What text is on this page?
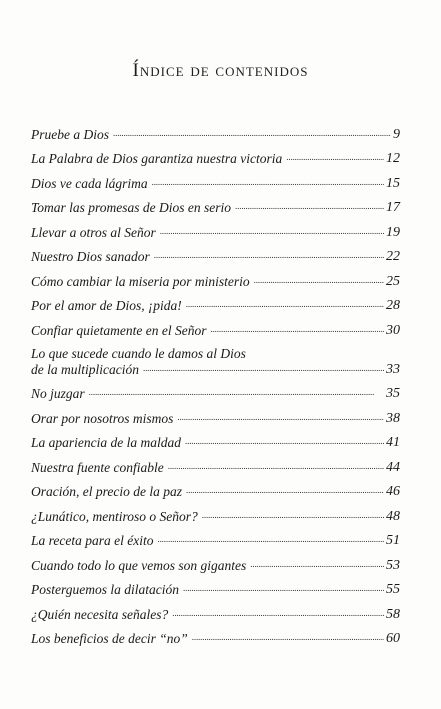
Índice de contenidos
Pruebe a Dios . . .	9
La Palabra de Dios garantiza nuestra victoria . . .	12
Dios ve cada lágrima . . .	15
Tomar las promesas de Dios en serio . . .	17
Llevar a otros al Señor . . .	19
Nuestro Dios sanador . . .	22
Cómo cambiar la miseria por ministerio . . .	25
Por el amor de Dios, ¡pida! . . .	28
Confiar quietamente en el Señor . . .	30
Lo que sucede cuando le damos al Dios
de la multiplicación . . .	33
No juzgar . . .	35
Orar por nosotros mismos . . .	38
La apariencia de la maldad . . .	41
Nuestra fuente confiable . . .	44
Oración, el precio de la paz . . .	46
¿Lunático, mentiroso o Señor? . . .	48
La receta para el éxito . . .	51
Cuando todo lo que vemos son gigantes . . .	53
Posterguemos la dilatación . . .	55
¿Quién necesita señales? . . .	58
Los beneficios de decir “no” . . .	60
